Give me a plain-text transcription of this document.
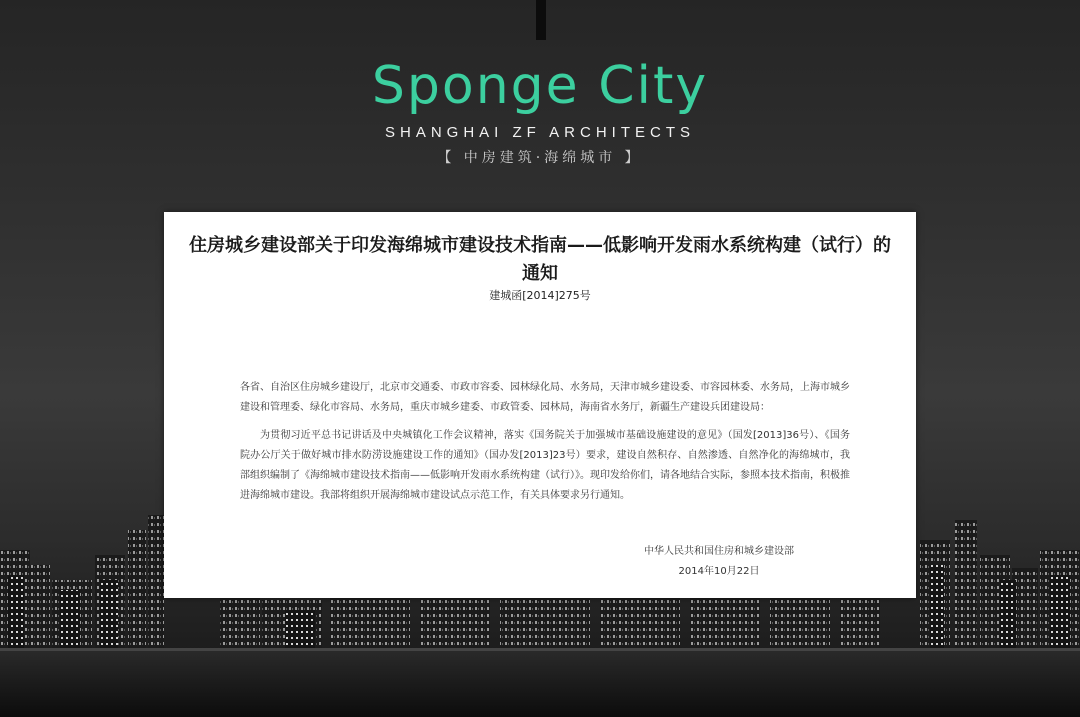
Sponge City
SHANGHAI ZF ARCHITECTS
【 中房建筑·海绵城市 】
住房城乡建设部关于印发海绵城市建设技术指南——低影响开发雨水系统构建（试行）的通知
建城函[2014]275号

各省、自治区住房城乡建设厅，北京市交通委、市政市容委、园林绿化局、水务局，天津市城乡建设委、市容园林委、水务局，上海市城乡建设和管理委、绿化市容局、水务局，重庆市城乡建委、市政管委、园林局，海南省水务厅，新疆生产建设兵团建设局：

为贯彻习近平总书记讲话及中央城镇化工作会议精神，落实《国务院关于加强城市基础设施建设的意见》（国发[2013]36号）、《国务院办公厅关于做好城市排水防涝设施建设工作的通知》（国办发[2013]23号）要求，建设自然积存、自然渗透、自然净化的海绵城市，我部组织编制了《海绵城市建设技术指南——低影响开发雨水系统构建（试行）》。现印发给你们，请各地结合实际，参照本技术指南，积极推进海绵城市建设。我部将组织开展海绵城市建设试点示范工作，有关具体要求另行通知。

中华人民共和国住房和城乡建设部
2014年10月22日
